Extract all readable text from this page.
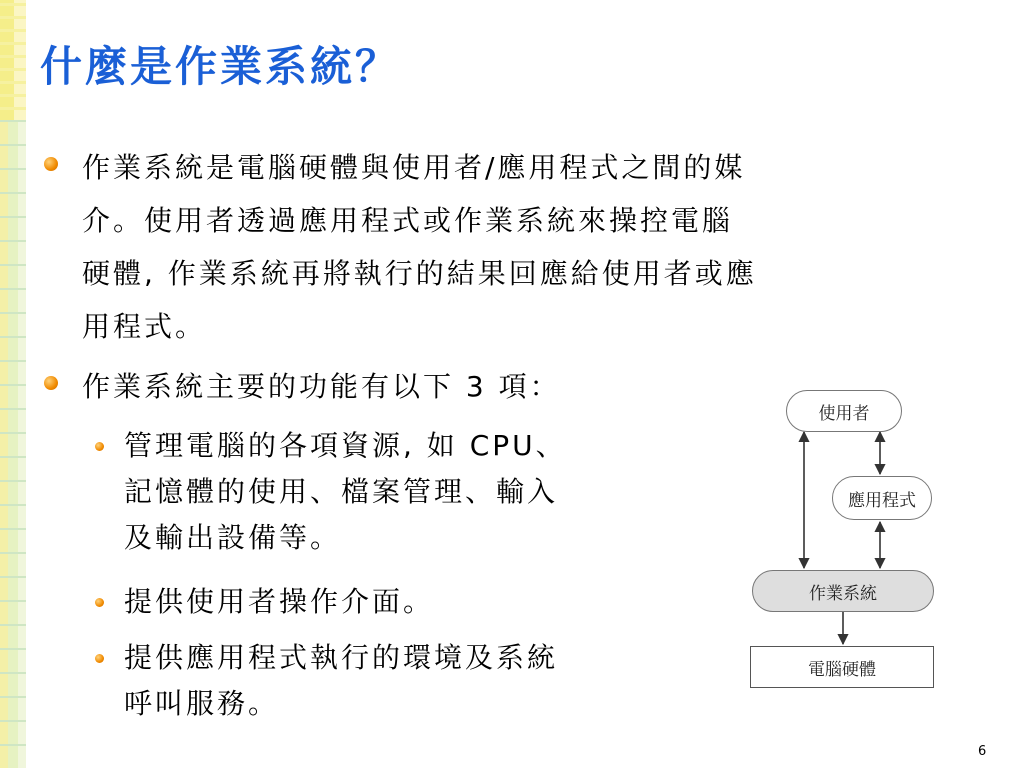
什麼是作業系統？
作業系統是電腦硬體與使用者/應用程式之間的媒
介。使用者透過應用程式或作業系統來操控電腦
硬體, 作業系統再將執行的結果回應給使用者或應
用程式。
作業系統主要的功能有以下 3 項：
管理電腦的各項資源, 如 CPU、
記憶體的使用、檔案管理、輸入
及輸出設備等。
提供使用者操作介面。
提供應用程式執行的環境及系統
呼叫服務。
使用者
應用程式
作業系統
電腦硬體
6
